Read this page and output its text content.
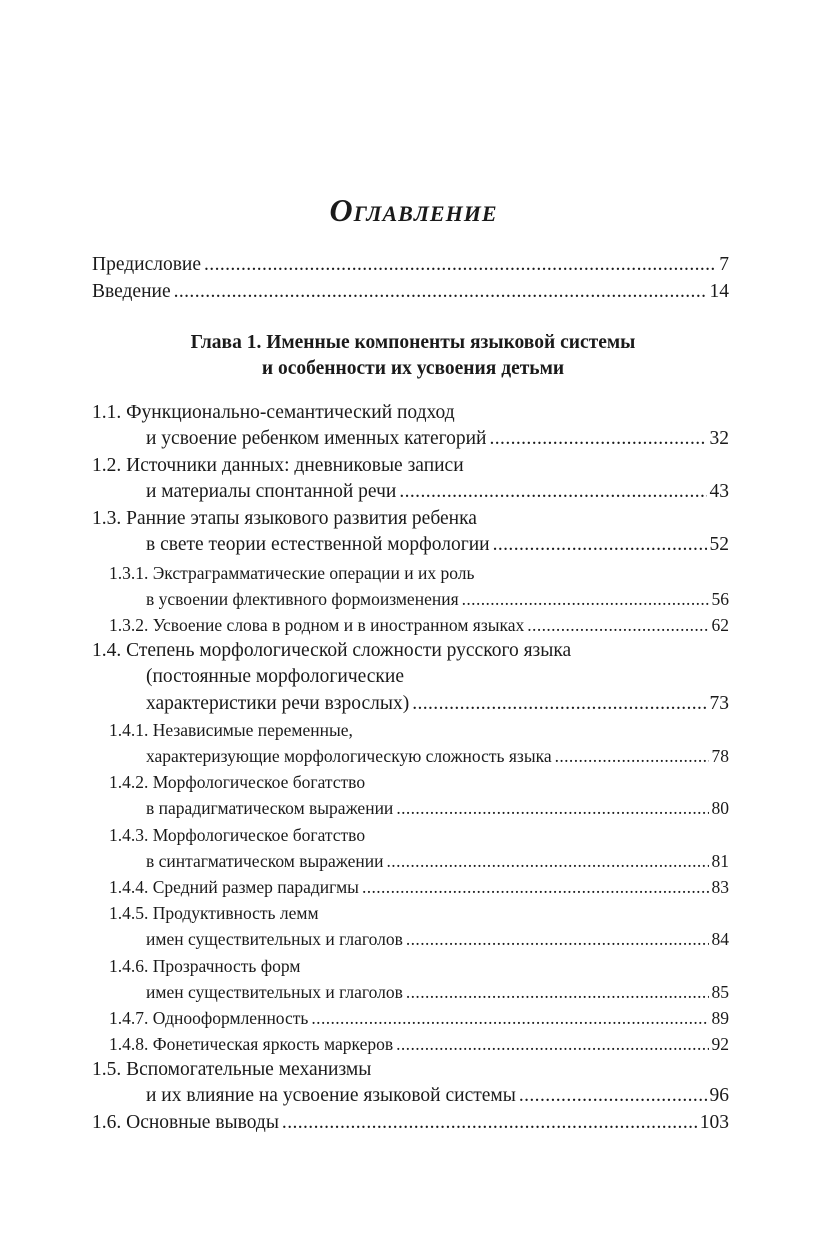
Оглавление
Предисловие .....	7
Введение .....	14
Глава 1. Именные компоненты языковой системы
и особенности их усвоения детьми
1.1. Функционально-семантический подход
и усвоение ребенком именных категорий .....	32
1.2. Источники данных: дневниковые записи
и материалы спонтанной речи .....	43
1.3. Ранние этапы языкового развития ребенка
в свете теории естественной морфологии .....	52
1.3.1. Экстраграмматические операции и их роль
в усвоении флективного формоизменения .....	56
1.3.2. Усвоение слова в родном и в иностранном языках .....	62
1.4. Степень морфологической сложности русского языка
(постоянные морфологические
характеристики речи взрослых) .....	73
1.4.1. Независимые переменные,
характеризующие морфологическую сложность языка .....	78
1.4.2. Морфологическое богатство
в парадигматическом выражении .....	80
1.4.3. Морфологическое богатство
в синтагматическом выражении .....	81
1.4.4. Средний размер парадигмы .....	83
1.4.5. Продуктивность лемм
имен существительных и глаголов .....	84
1.4.6. Прозрачность форм
имен существительных и глаголов .....	85
1.4.7. Однооформленность .....	89
1.4.8. Фонетическая яркость маркеров .....	92
1.5. Вспомогательные механизмы
и их влияние на усвоение языковой системы .....	96
1.6. Основные выводы .....	103
